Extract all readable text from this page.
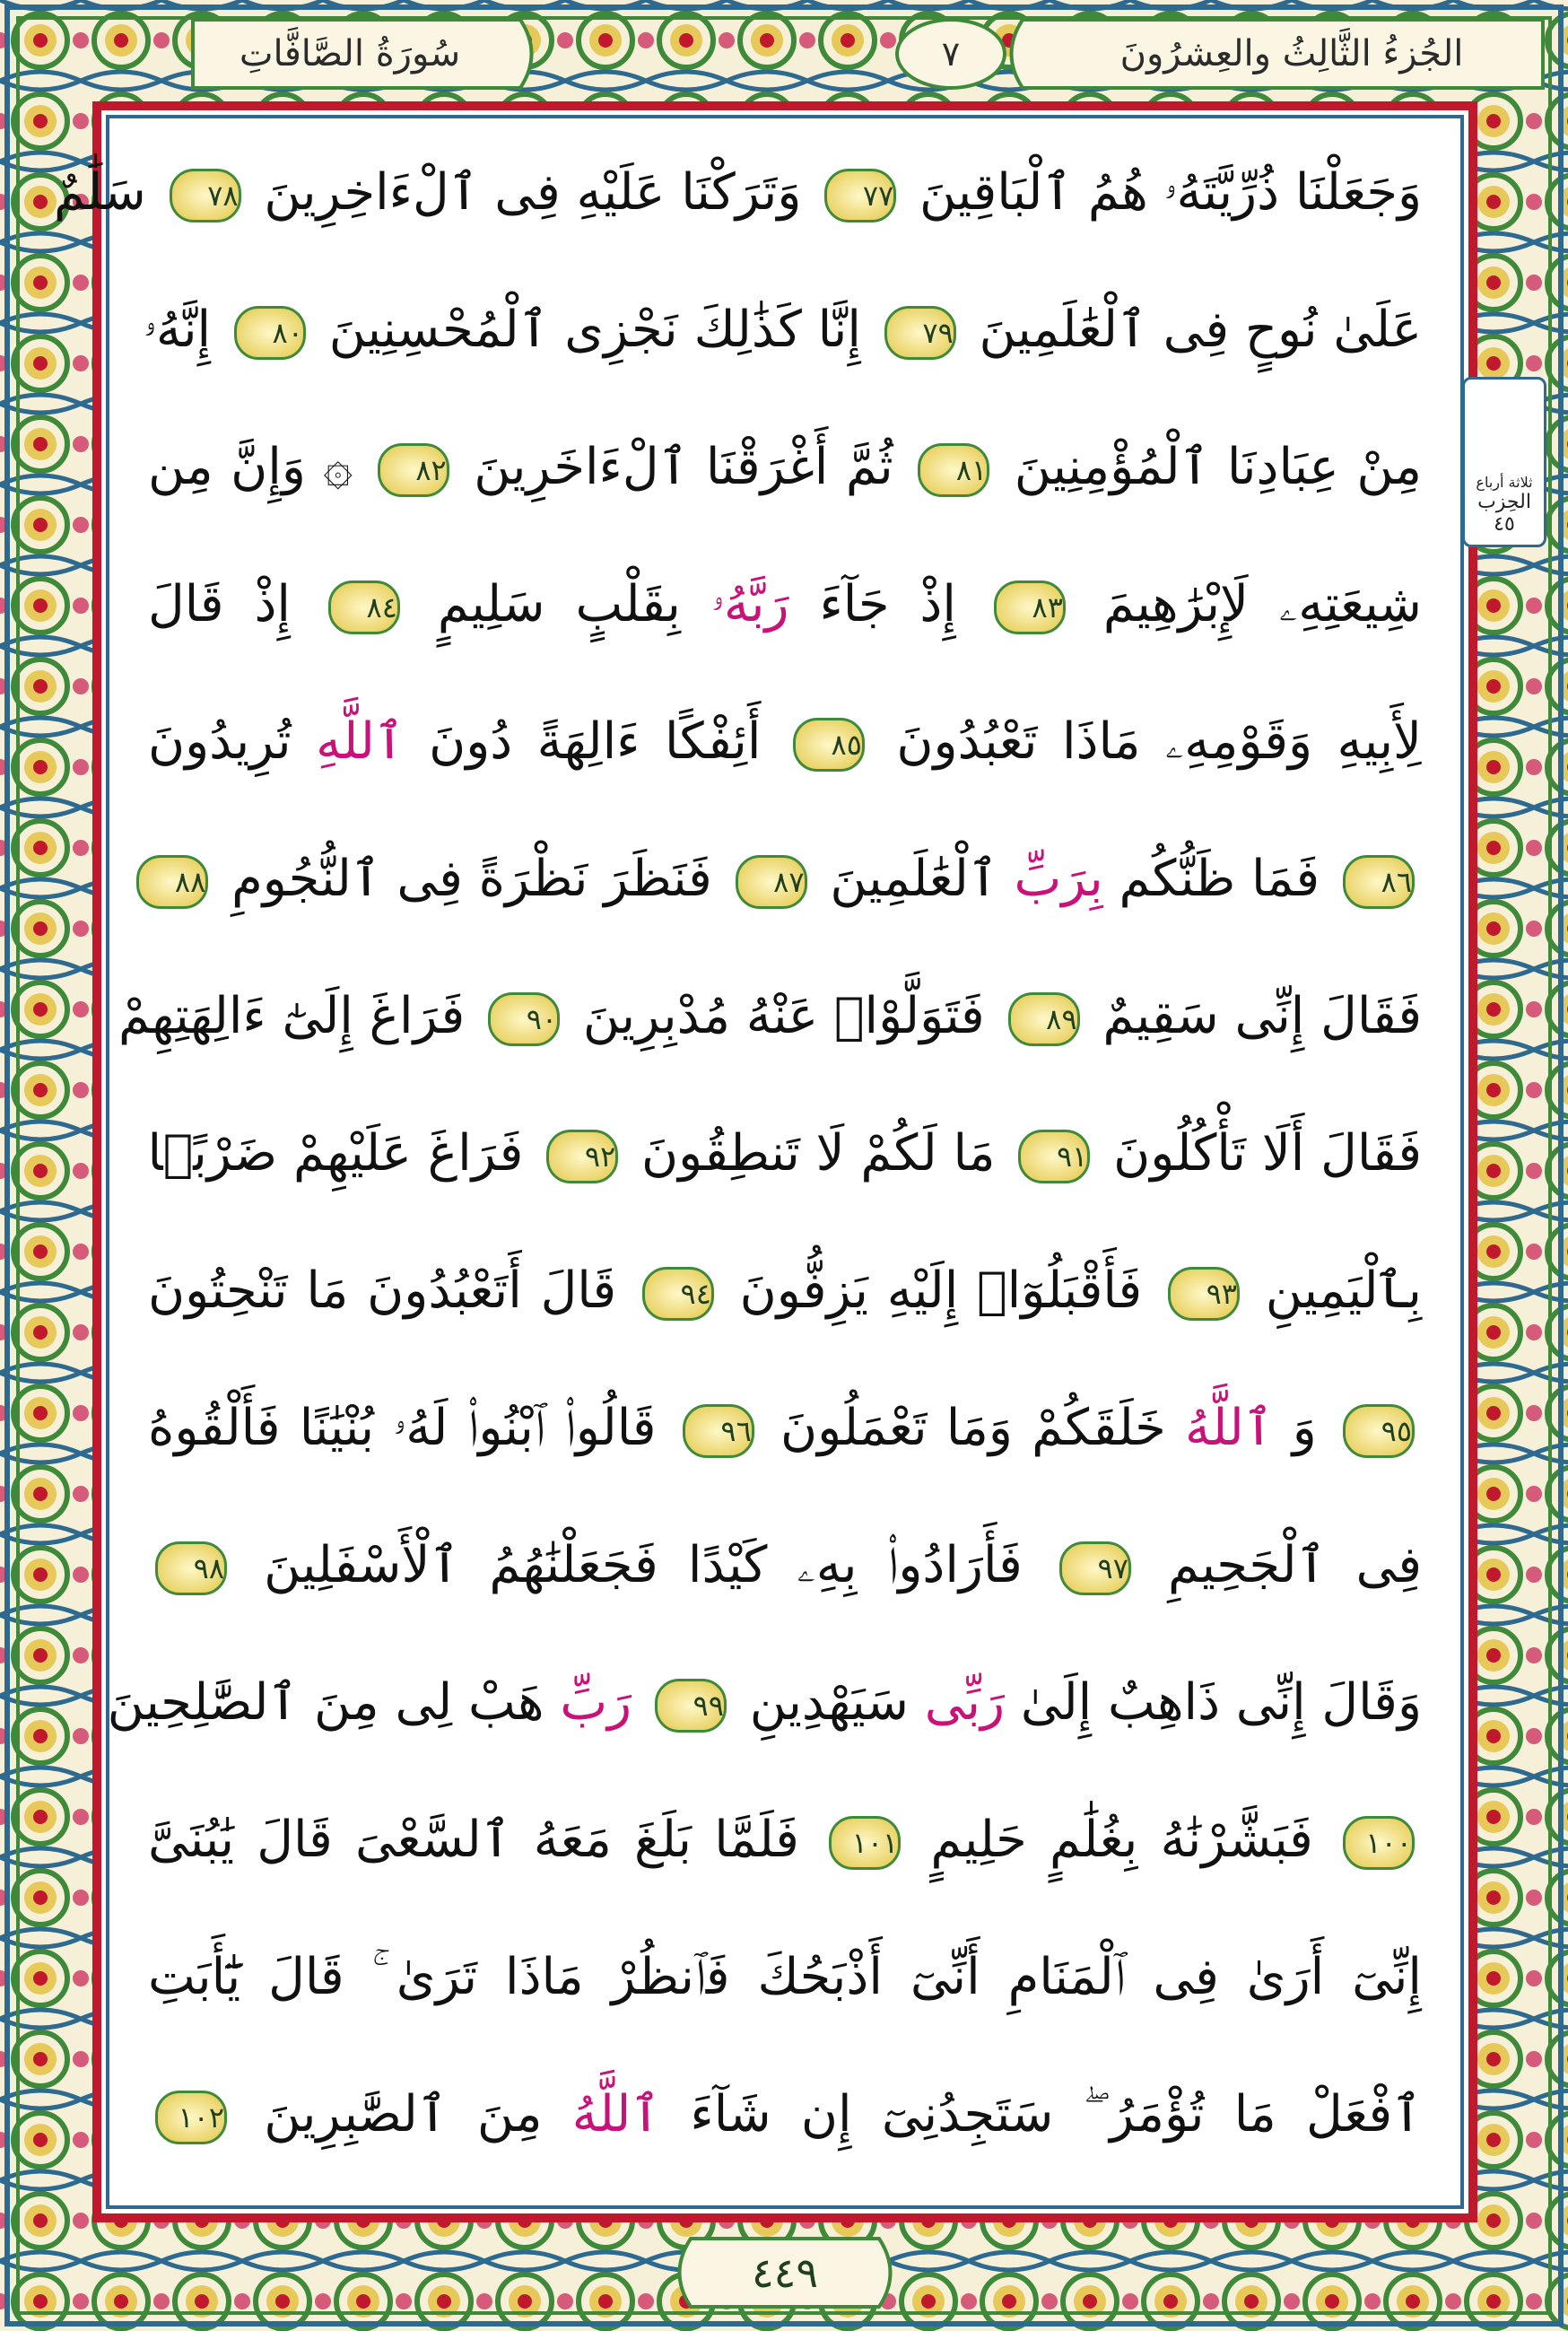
الجُزءُ الثَّالِثُ والعِشرُونَ
٧
سُورَةُ الصَّافَّاتِ
وَجَعَلْنَا ذُرِّيَّتَهُۥ هُمُ ٱلْبَاقِينَ ٧٧ وَتَرَكْنَا عَلَيْهِ فِى ٱلْءَاخِرِينَ ٧٨ سَلَٰمٌ
عَلَىٰ نُوحٍ فِى ٱلْعَٰلَمِينَ ٧٩ إِنَّا كَذَٰلِكَ نَجْزِى ٱلْمُحْسِنِينَ ٨٠ إِنَّهُۥ
مِنْ عِبَادِنَا ٱلْمُؤْمِنِينَ ٨١ ثُمَّ أَغْرَقْنَا ٱلْءَاخَرِينَ ٨٢ ۞ وَإِنَّ مِن
شِيعَتِهِۦ لَإِبْرَٰهِيمَ ٨٣ إِذْ جَآءَ رَبَّهُۥ بِقَلْبٍ سَلِيمٍ ٨٤ إِذْ قَالَ
لِأَبِيهِ وَقَوْمِهِۦ مَاذَا تَعْبُدُونَ ٨٥ أَئِفْكًا ءَالِهَةً دُونَ ٱللَّهِ تُرِيدُونَ
٨٦ فَمَا ظَنُّكُم بِرَبِّ ٱلْعَٰلَمِينَ ٨٧ فَنَظَرَ نَظْرَةً فِى ٱلنُّجُومِ ٨٨
فَقَالَ إِنِّى سَقِيمٌ ٨٩ فَتَوَلَّوْا۟ عَنْهُ مُدْبِرِينَ ٩٠ فَرَاغَ إِلَىٰٓ ءَالِهَتِهِمْ
فَقَالَ أَلَا تَأْكُلُونَ ٩١ مَا لَكُمْ لَا تَنطِقُونَ ٩٢ فَرَاغَ عَلَيْهِمْ ضَرْبًۢا
بِٱلْيَمِينِ ٩٣ فَأَقْبَلُوٓا۟ إِلَيْهِ يَزِفُّونَ ٩٤ قَالَ أَتَعْبُدُونَ مَا تَنْحِتُونَ
٩٥ وَ ٱللَّهُ خَلَقَكُمْ وَمَا تَعْمَلُونَ ٩٦ قَالُوا۟ ٱبْنُوا۟ لَهُۥ بُنْيَٰنًا فَأَلْقُوهُ
فِى ٱلْجَحِيمِ ٩٧ فَأَرَادُوا۟ بِهِۦ كَيْدًا فَجَعَلْنَٰهُمُ ٱلْأَسْفَلِينَ ٩٨
وَقَالَ إِنِّى ذَاهِبٌ إِلَىٰ رَبِّى سَيَهْدِينِ ٩٩ رَبِّ هَبْ لِى مِنَ ٱلصَّٰلِحِينَ
١٠٠ فَبَشَّرْنَٰهُ بِغُلَٰمٍ حَلِيمٍ ١٠١ فَلَمَّا بَلَغَ مَعَهُ ٱلسَّعْىَ قَالَ يَٰبُنَىَّ
إِنِّىٓ أَرَىٰ فِى ٱلْمَنَامِ أَنِّىٓ أَذْبَحُكَ فَٱنظُرْ مَاذَا تَرَىٰ ۚ قَالَ يَٰٓأَبَتِ
ٱفْعَلْ مَا تُؤْمَرُ ۖ سَتَجِدُنِىٓ إِن شَآءَ ٱللَّهُ مِنَ ٱلصَّٰبِرِينَ ١٠٢
ثلاثة أرباع
الحِزب
٤٥
٤٤٩
